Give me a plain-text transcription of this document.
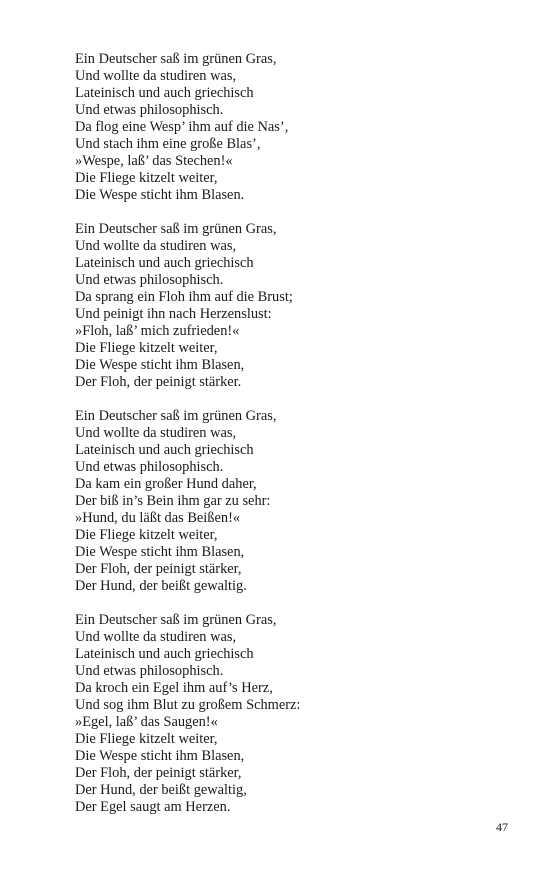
Ein Deutscher saß im grünen Gras,
Und wollte da studiren was,
Lateinisch und auch griechisch
Und etwas philosophisch.
Da flog eine Wesp’ ihm auf die Nas’,
Und stach ihm eine große Blas’,
»Wespe, laß’ das Stechen!«
Die Fliege kitzelt weiter,
Die Wespe sticht ihm Blasen.
Ein Deutscher saß im grünen Gras,
Und wollte da studiren was,
Lateinisch und auch griechisch
Und etwas philosophisch.
Da sprang ein Floh ihm auf die Brust;
Und peinigt ihn nach Herzenslust:
»Floh, laß’ mich zufrieden!«
Die Fliege kitzelt weiter,
Die Wespe sticht ihm Blasen,
Der Floh, der peinigt stärker.
Ein Deutscher saß im grünen Gras,
Und wollte da studiren was,
Lateinisch und auch griechisch
Und etwas philosophisch.
Da kam ein großer Hund daher,
Der biß in’s Bein ihm gar zu sehr:
»Hund, du läßt das Beißen!«
Die Fliege kitzelt weiter,
Die Wespe sticht ihm Blasen,
Der Floh, der peinigt stärker,
Der Hund, der beißt gewaltig.
Ein Deutscher saß im grünen Gras,
Und wollte da studiren was,
Lateinisch und auch griechisch
Und etwas philosophisch.
Da kroch ein Egel ihm auf’s Herz,
Und sog ihm Blut zu großem Schmerz:
»Egel, laß’ das Saugen!«
Die Fliege kitzelt weiter,
Die Wespe sticht ihm Blasen,
Der Floh, der peinigt stärker,
Der Hund, der beißt gewaltig,
Der Egel saugt am Herzen.
47
